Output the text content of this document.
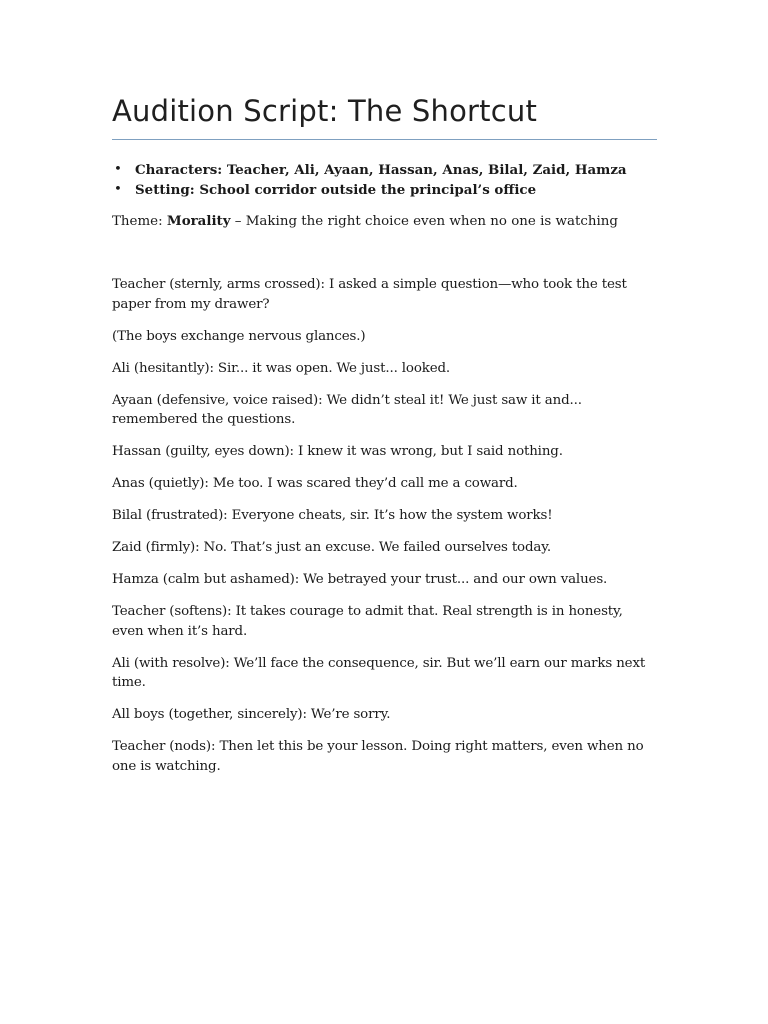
Audition Script: The Shortcut
• Characters: Teacher, Ali, Ayaan, Hassan, Anas, Bilal, Zaid, Hamza
• Setting: School corridor outside the principal’s office

Theme: Morality – Making the right choice even when no one is watching

Teacher (sternly, arms crossed): I asked a simple question—who took the test paper from my drawer?

(The boys exchange nervous glances.)

Ali (hesitantly): Sir... it was open. We just... looked.

Ayaan (defensive, voice raised): We didn’t steal it! We just saw it and... remembered the questions.

Hassan (guilty, eyes down): I knew it was wrong, but I said nothing.

Anas (quietly): Me too. I was scared they’d call me a coward.

Bilal (frustrated): Everyone cheats, sir. It’s how the system works!

Zaid (firmly): No. That’s just an excuse. We failed ourselves today.

Hamza (calm but ashamed): We betrayed your trust... and our own values.

Teacher (softens): It takes courage to admit that. Real strength is in honesty, even when it’s hard.

Ali (with resolve): We’ll face the consequence, sir. But we’ll earn our marks next time.

All boys (together, sincerely): We’re sorry.

Teacher (nods): Then let this be your lesson. Doing right matters, even when no one is watching.
